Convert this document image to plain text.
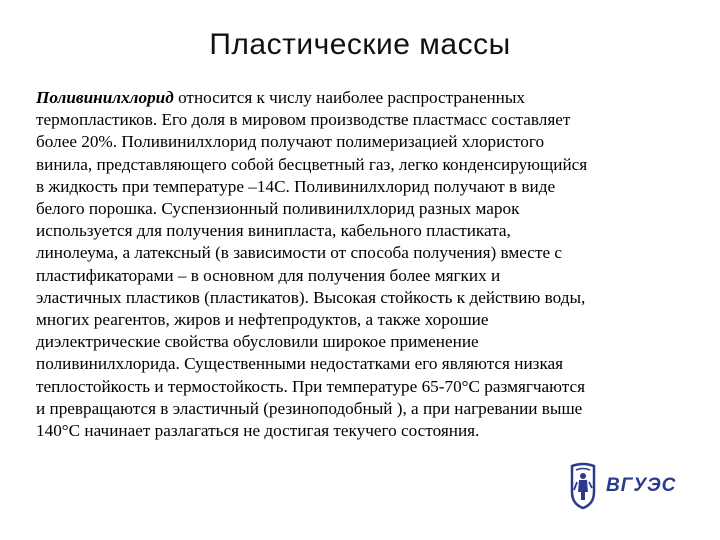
Пластические массы

Поливинилхлорид относится к числу наиболее распространенных
термопластиков. Его доля в мировом производстве пластмасс составляет
более 20%. Поливинилхлорид получают полимеризацией хлористого
винила, представляющего собой бесцветный газ, легко конденсирующийся
в жидкость при температуре –14С. Поливинилхлорид получают в виде
белого порошка. Суспензионный поливинилхлорид разных марок
используется для получения винипласта, кабельного пластиката,
линолеума, а латексный (в зависимости от способа получения) вместе с
пластификаторами – в основном для получения более мягких и
эластичных пластиков (пластикатов). Высокая стойкость к действию воды,
многих реагентов, жиров и нефтепродуктов, а также хорошие
диэлектрические свойства обусловили широкое применение
поливинилхлорида. Существенными недостатками его являются низкая
теплостойкость и термостойкость. При температуре 65-70°С размягчаются
и превращаются в эластичный (резиноподобный ), а при нагревании выше
140°С начинает разлагаться не достигая текучего состояния.

ВГУЭС
